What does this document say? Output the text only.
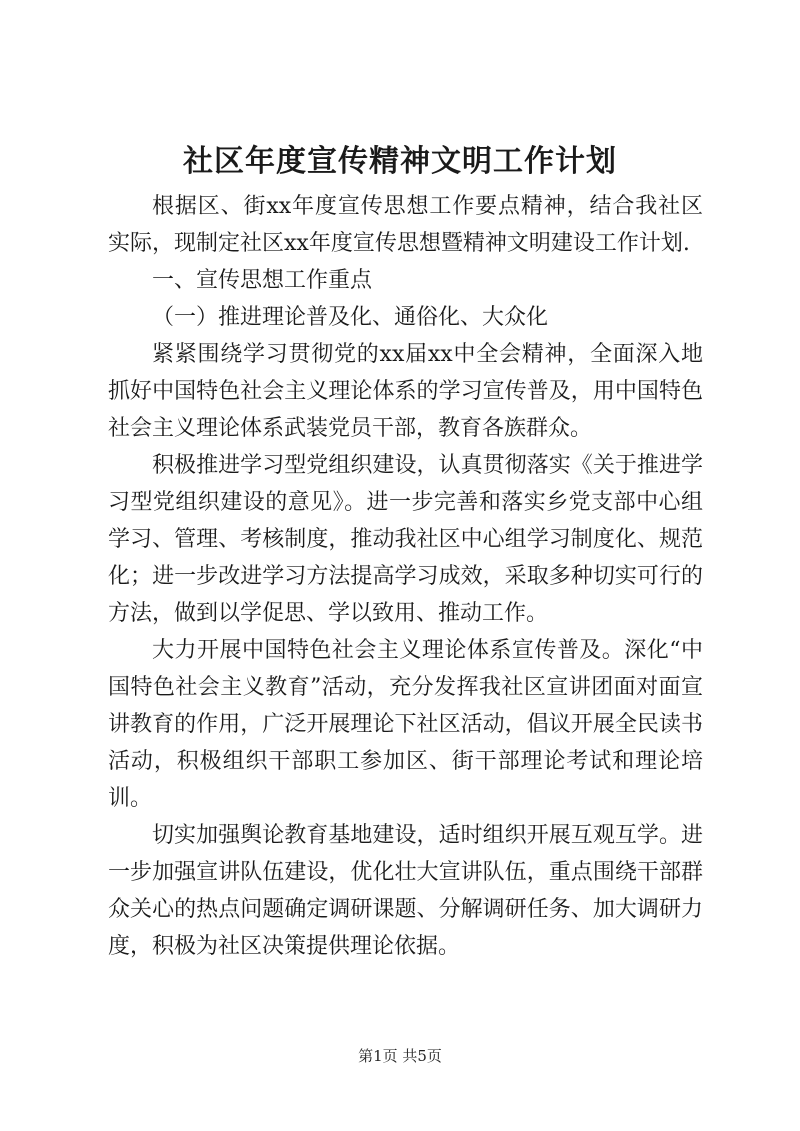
社区年度宣传精神文明工作计划

根据区、街xx年度宣传思想工作要点精神，结合我社区实际，现制定社区xx年度宣传思想暨精神文明建设工作计划.

一、宣传思想工作重点

（一）推进理论普及化、通俗化、大众化

紧紧围绕学习贯彻党的xx届xx中全会精神，全面深入地抓好中国特色社会主义理论体系的学习宣传普及，用中国特色社会主义理论体系武装党员干部，教育各族群众。

积极推进学习型党组织建设，认真贯彻落实《关于推进学习型党组织建设的意见》。进一步完善和落实乡党支部中心组学习、管理、考核制度，推动我社区中心组学习制度化、规范化；进一步改进学习方法提高学习成效，采取多种切实可行的方法，做到以学促思、学以致用、推动工作。

大力开展中国特色社会主义理论体系宣传普及。深化“中国特色社会主义教育”活动，充分发挥我社区宣讲团面对面宣讲教育的作用，广泛开展理论下社区活动，倡议开展全民读书活动，积极组织干部职工参加区、街干部理论考试和理论培训。

切实加强舆论教育基地建设，适时组织开展互观互学。进一步加强宣讲队伍建设，优化壮大宣讲队伍，重点围绕干部群众关心的热点问题确定调研课题、分解调研任务、加大调研力度，积极为社区决策提供理论依据。

第1页 共5页
